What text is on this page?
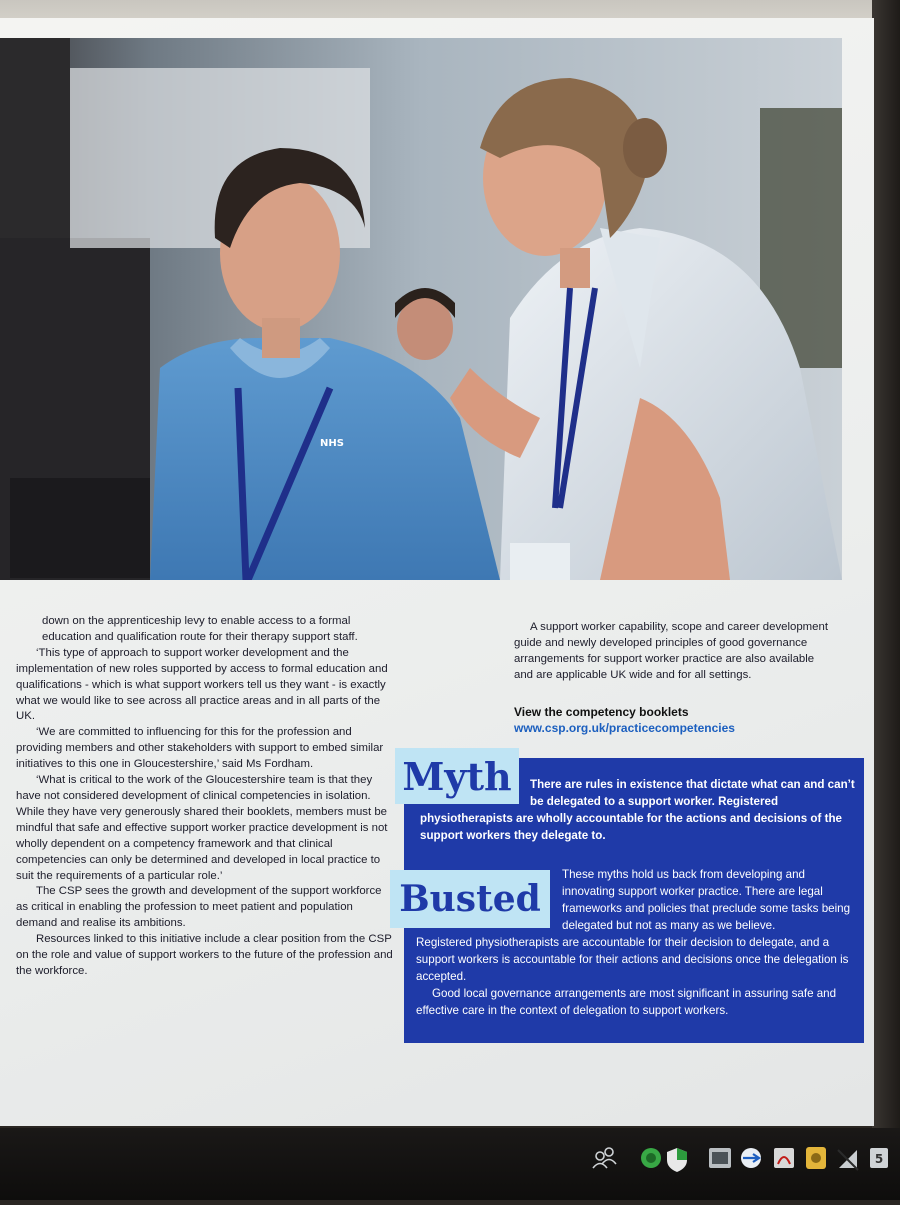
NHS

down on the apprenticeship levy to enable access to a formal education and qualification route for their therapy support staff.

‘This type of approach to support worker development and the implementation of new roles supported by access to formal education and qualifications - which is what support workers tell us they want - is exactly what we would like to see across all practice areas and in all parts of the UK.

‘We are committed to influencing for this for the profession and providing members and other stakeholders with support to embed similar initiatives to this one in Gloucestershire,’ said Ms Fordham.

‘What is critical to the work of the Gloucestershire team is that they have not considered development of clinical competencies in isolation. While they have very generously shared their booklets, members must be mindful that safe and effective support worker practice development is not wholly dependent on a competency framework and that clinical competencies can only be determined and developed in local practice to suit the requirements of a particular role.’

The CSP sees the growth and development of the support workforce as critical in enabling the profession to meet patient and population demand and realise its ambitions.

Resources linked to this initiative include a clear position from the CSP on the role and value of support workers to the future of the profession and the workforce.

A support worker capability, scope and career development guide and newly developed principles of good governance arrangements for support worker practice are also available and are applicable UK wide and for all settings.

View the competency booklets
www.csp.org.uk/practicecompetencies
Myth	There are rules in existence that dictate what can and can’t be delegated to a support worker. Registered
physiotherapists are wholly accountable for the actions and decisions of the support workers they delegate to.
Busted
These myths hold us back from developing and innovating support worker practice. There are legal frameworks and policies that preclude some tasks being delegated but not as many as we believe.

Registered physiotherapists are accountable for their decision to delegate, and a support workers is accountable for their actions and decisions once the delegation is accepted.

Good local governance arrangements are most significant in assuring safe and effective care in the context of delegation to support workers.

5
